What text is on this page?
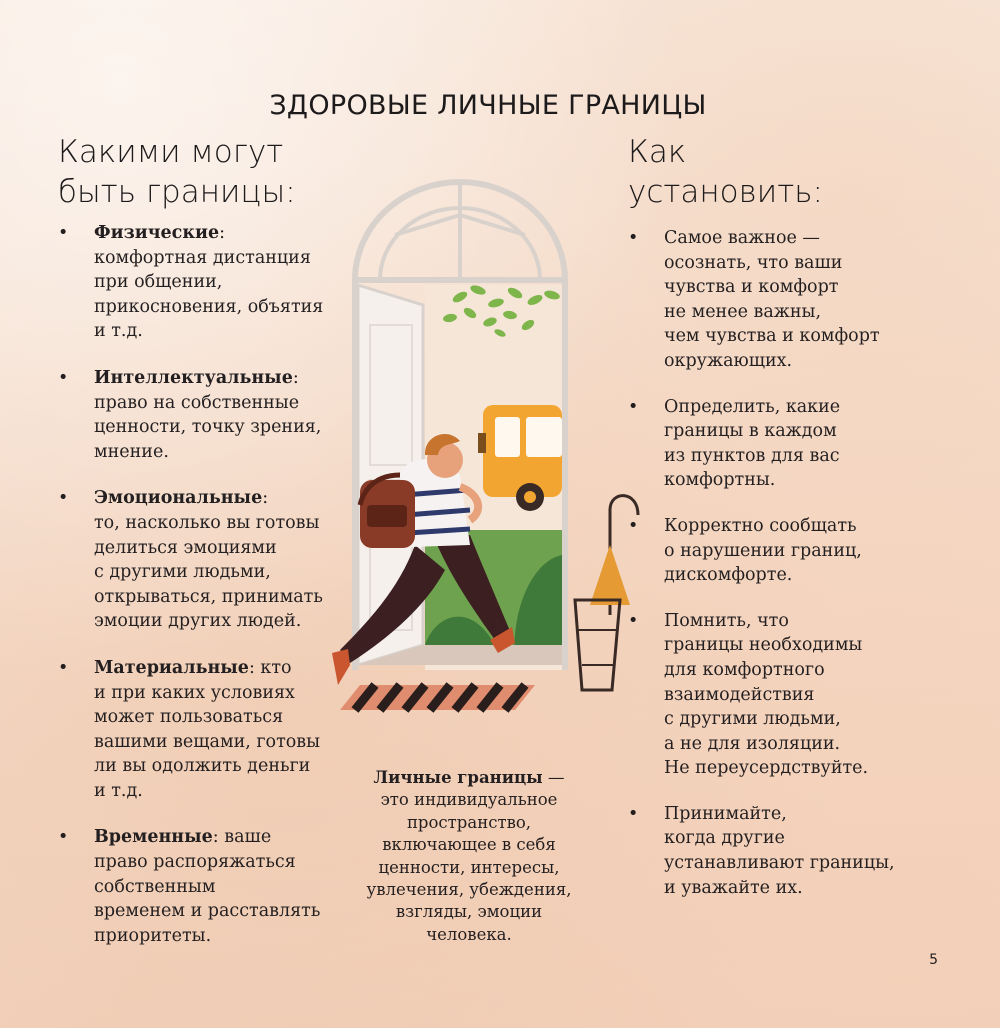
ЗДОРОВЫЕ ЛИЧНЫЕ ГРАНИЦЫ
Какими могут
быть границы:
Как
установить:
• Физические:
комфортная дистанция
при общении,
прикосновения, объятия
и т.д.
• Интеллектуальные:
право на собственные
ценности, точку зрения,
мнение.
• Эмоциональные:
то, насколько вы готовы
делиться эмоциями
с другими людьми,
открываться, принимать
эмоции других людей.
• Материальные: кто
и при каких условиях
может пользоваться
вашими вещами, готовы
ли вы одолжить деньги
и т.д.
• Временные: ваше
право распоряжаться
собственным
временем и расставлять
приоритеты.
• Самое важное —
осознать, что ваши
чувства и комфорт
не менее важны,
чем чувства и комфорт
окружающих.
• Определить, какие
границы в каждом
из пунктов для вас
комфортны.
• Корректно сообщать
о нарушении границ,
дискомфорте.
• Помнить, что
границы необходимы
для комфортного
взаимодействия
с другими людьми,
а не для изоляции.
Не переусердствуйте.
• Принимайте,
когда другие
устанавливают границы,
и уважайте их.
Личные границы —
это индивидуальное
пространство,
включающее в себя
ценности, интересы,
увлечения, убеждения,
взгляды, эмоции
человека.
5
